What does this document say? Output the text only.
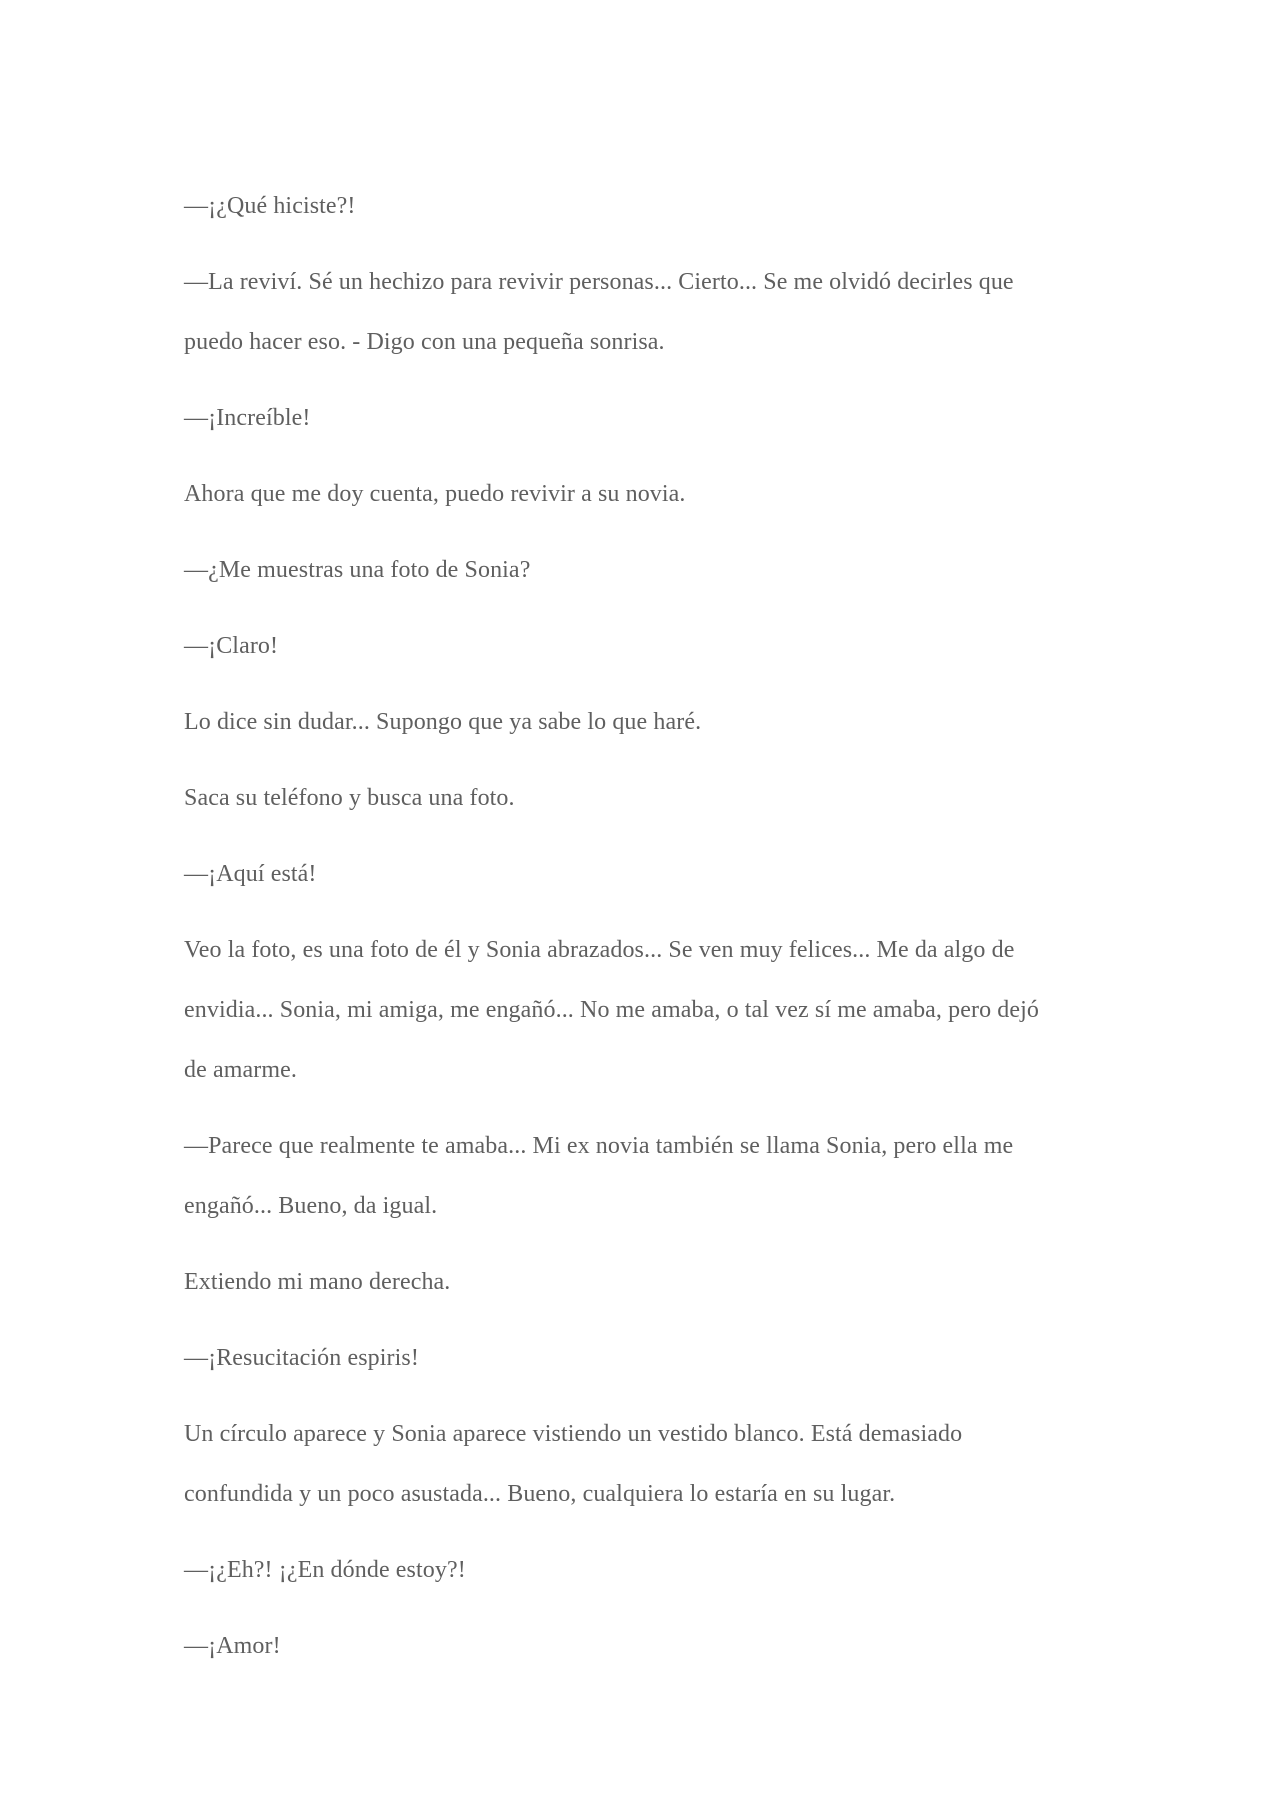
—¡¿Qué hiciste?!

—La reviví. Sé un hechizo para revivir personas... Cierto... Se me olvidó decirles que
puedo hacer eso. - Digo con una pequeña sonrisa.

—¡Increíble!

Ahora que me doy cuenta, puedo revivir a su novia.

—¿Me muestras una foto de Sonia?

—¡Claro!

Lo dice sin dudar... Supongo que ya sabe lo que haré.

Saca su teléfono y busca una foto.

—¡Aquí está!

Veo la foto, es una foto de él y Sonia abrazados... Se ven muy felices... Me da algo de
envidia... Sonia, mi amiga, me engañó... No me amaba, o tal vez sí me amaba, pero dejó
de amarme.

—Parece que realmente te amaba... Mi ex novia también se llama Sonia, pero ella me
engañó... Bueno, da igual.

Extiendo mi mano derecha.

—¡Resucitación espiris!

Un círculo aparece y Sonia aparece vistiendo un vestido blanco. Está demasiado
confundida y un poco asustada... Bueno, cualquiera lo estaría en su lugar.

—¡¿Eh?! ¡¿En dónde estoy?!

—¡Amor!
